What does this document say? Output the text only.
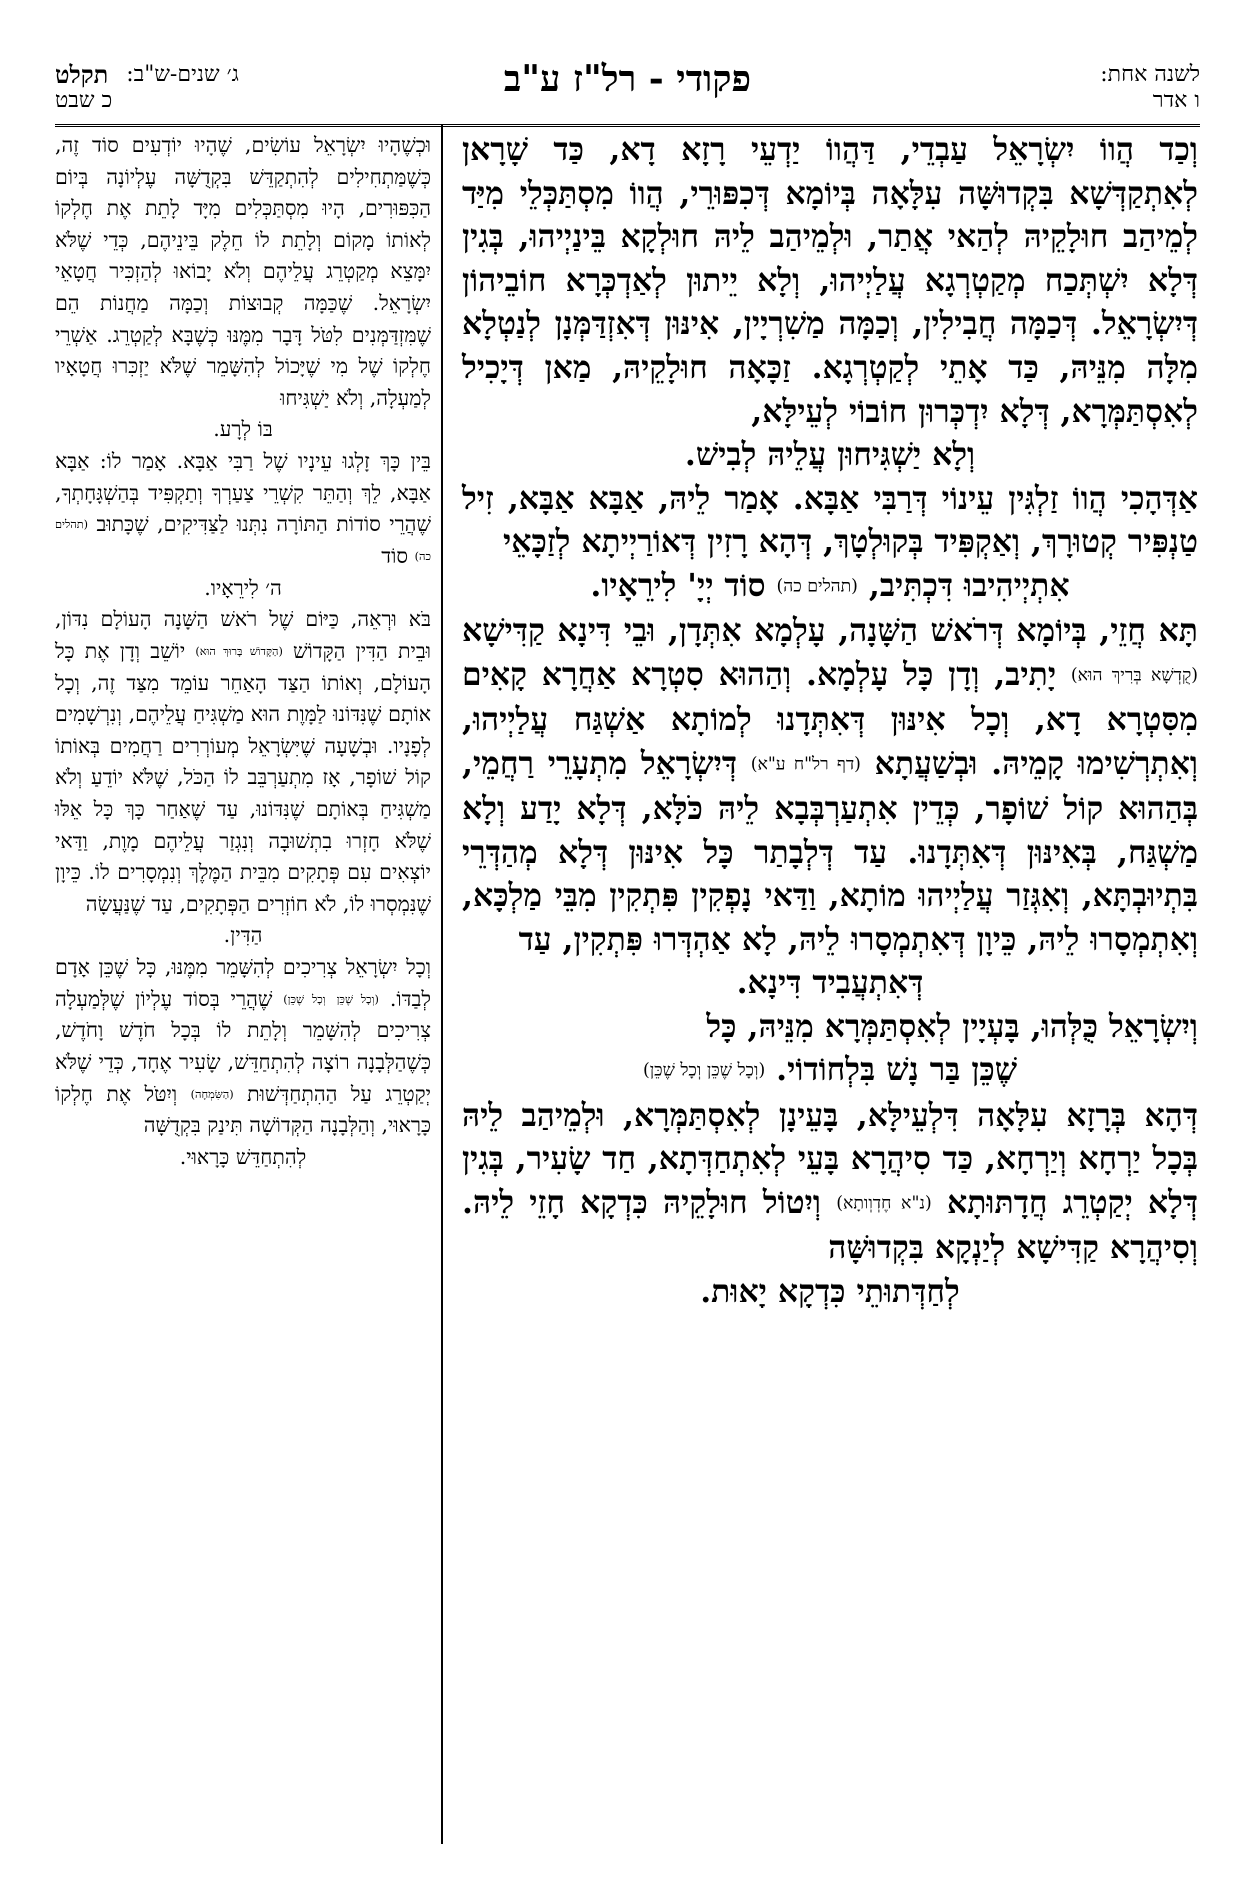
לשנה אחת:
ו אדר
פקודי - רל"ז ע"ב
ג׳ שנים-ש"ב:
תקלט
כ שבט

וְכַד הֲווֹ יִשְׂרָאֵל עַבְדֵי, דַּהֲווֹ יַדְעֵי רָזָא דָא, כַּד שָׁרָאן לְאִתְקַדְּשָׁא בִּקְדוּשָּׁה עִלָּאָה בְּיוֹמָא דְּכִפּוּרֵי, הֲווֹ מִסְתַּכְּלֵי מִיַּד לְמֵיהַב חוּלָקֵיהּ לְהַאי אֲתַר, וּלְמֵיהַב לֵיהּ חוּלְקָא בֵּינַיְיהוּ, בְּגִין דְּלָא יִשְׁתְּכַח מְקַטְרְגָא עֲלַיְיהוּ, וְלָא יֵיתוּן לְאַדְכְּרָא חוֹבֵיהוֹן דְּיִשְׂרָאֵל. דְּכַמָּה חֲבִילִין, וְכַמָּה מַשִׁרְיָין, אִינּוּן דְּאִזְדַּמְּנָן לְנַטְלָא מִלָּה מִנֵּיהּ, כַּד אָתֵי לְקַטְרְגָא. זַכָּאָה חוּלָקֵיהּ, מַאן דְּיָכִיל לְאִסְתַּמְּרָא, דְּלָא יִדְכְּרוּן חוֹבוֹי לְעֵילָּא,

וְלָא יַשְׁגִּיחוּן עֲלֵיהּ לְבִישׁ.

אַדְּהָכִי הֲווֹ זַלְגִּין עֵינוֹי דְּרַבִּי אַבָּא. אָמַר לֵיהּ, אַבָּא אַבָּא, זִיל טַנְפִּיר קְטוּרָךְ, וְאַקְפִּיד בְּקוּלְטָךְ, דְּהָא רָזִין דְּאוֹרַיְיתָא לְזַכָּאֵי

אִתְיְיהִיבוּ דִּכְתִּיב, (תהלים כה) סוֹד יְיָ' לִירֵאָיו.

תָּא חֲזֵי, בְּיוֹמָא דְּרֹאשׁ הַשָּׁנָה, עָלְמָא אִתְּדָן, וּבֵי דִּינָא קַדִּישָׁא (קֻדְשָׁא בְּרִיךְ הוּא) יָתִיב, וְדָן כָּל עָלְמָא. וְהַהוּא סִטְרָא אַחֲרָא קָאִים מִסִּטְרָא דָא, וְכָל אִינּוּן דְּאִתְּדָנוּ לְמוֹתָא אַשְׁגַּח עֲלַיְיהוּ, וְאִתְרְשִׁימוּ קָמֵיהּ. וּבְשַׁעֲתָא (דף רל"ח ע"א) דְּיִשְׂרָאֵל מִתְעָרֵי רַחֲמֵי, בְּהַהוּא קוֹל שׁוֹפָר, כְּדֵין אִתְעַרְבְּבָא לֵיהּ כֹּלָּא, דְּלָא יָדַע וְלָא מַשְׁגַּח, בְּאִינּוּן דְּאִתְּדָנוּ. עַד דְּלְבָתַר כָּל אִינּוּן דְּלָא מְהַדְּרֵי בִּתְיוּבְתָּא, וְאִגְּזַר עֲלַיְיהוּ מוֹתָא, וַדַּאי נָפְקִין פִּתְקִין מִבֵּי מַלְכָּא, וְאִתְמְסָרוּ לֵיהּ, כֵּיוָן דְּאִתְמְסָרוּ לֵיהּ, לָא אַהְדְּרוּ פִּתְקִין, עַד

דְּאִתְעֲבִיד דִּינָא.

וְיִשְׂרָאֵל כֻּלְּהוּ, בָּעְיָין לְאִסְתַּמְּרָא מִנֵּיהּ, כָּל

שֶׁכֵּן בַּר נָשׁ בִּלְחוֹדוֹי. (וְכָל שֶׁכֵּן וְכָל שֶׁכֵּן)

דְּהָא בְּרָזָא עִלָּאָה דִּלְעֵילָּא, בָּעֵינָן לְאִסְתַּמְּרָא, וּלְמֵיהַב לֵיהּ בְּכָל יַרְחָא וְיַרְחָא, כַּד סִיהֲרָא בָּעֵי לְאִתְחַדְּתָא, חַד שָׂעִיר, בְּגִין דְּלָא יְקַטְרֵג חֲדָתּוּתָא (נ"א חֶדְוְותָא) וְיִטוֹל חוּלָקֵיהּ כִּדְקָא חָזֵי לֵיהּ. וְסִיהֲרָא קַדִּישָׁא לְיַנְקָא בִּקְדוּשָּׁה

לְחַדְּתוּתֵי כִּדְקָא יָאוּת.

וּכְשֶׁהָיוּ יִשְׂרָאֵל עוֹשִׂים, שֶׁהָיוּ יוֹדְעִים סוֹד זֶה, כְּשֶׁמַּתְחִילִים לְהִתְקַדֵּשׁ בִּקְדֻשָּׁה עֶלְיוֹנָה בְּיוֹם הַכִּפּוּרִים, הָיוּ מִסְתַּכְּלִים מִיָּד לָתֵת אֶת חֶלְקוֹ לְאוֹתוֹ מָקוֹם וְלָתֵת לוֹ חֵלֶק בֵּינֵיהֶם, כְּדֵי שֶׁלֹּא יִמָּצֵא מְקַטְרֵג עֲלֵיהֶם וְלֹא יָבוֹאוּ לְהַזְכִּיר חֲטָאֵי יִשְׂרָאֵל. שֶׁכַּמָּה קְבוּצוֹת וְכַמָּה מַחֲנוֹת הֵם שֶׁמִּזְדַּמְּנִים לִטֹּל דָּבָר מִמֶּנּוּ כְּשֶׁבָּא לְקַטְרֵג. אַשְׁרֵי חֶלְקוֹ שֶׁל מִי שֶׁיָּכוֹל לְהִשָּׁמֵר שֶׁלֹּא יַזְכִּרוּ חֲטָאָיו לְמַעְלָה, וְלֹא יַשְׁגִּיחוּ

בּוֹ לְרָע.

בֵּין כָּךְ זָלְגוּ עֵינָיו שֶׁל רַבִּי אַבָּא. אָמַר לוֹ: אַבָּא אַבָּא, לֵךְ וְהַתֵּר קִשְׁרֵי צַעַרְךָ וְתַקְפִּיד בְּהַשְׁגָּחָתְךָ, שֶׁהֲרֵי סוֹדוֹת הַתּוֹרָה נִתְּנוּ לַצַּדִּיקִים, שֶׁכָּתוּב (תהלים כה) סוֹד

ה׳ לִירֵאָיו.

בֹּא וּרְאֵה, כַּיּוֹם שֶׁל רֹאשׁ הַשָּׁנָה הָעוֹלָם נִדּוֹן, וּבֵית הַדִּין הַקָּדוֹשׁ (הַקָּדוֹשׁ בָּרוּךְ הוּא) יוֹשֵׁב וְדָן אֶת כָּל הָעוֹלָם, וְאוֹתוֹ הַצַּד הָאַחֵר עוֹמֵד מִצַּד זֶה, וְכָל אוֹתָם שֶׁנִּדּוֹנוּ לַמָּוֶת הוּא מַשְׁגִּיחַ עֲלֵיהֶם, וְנִרְשָׁמִים לְפָנָיו. וּבְשָׁעָה שֶׁיִּשְׂרָאֵל מְעוֹרְרִים רַחֲמִים בְּאוֹתוֹ קוֹל שׁוֹפָר, אָז מִתְעַרְבֵּב לוֹ הַכֹּל, שֶׁלֹּא יוֹדֵעַ וְלֹא מַשְׁגִּיחַ בְּאוֹתָם שֶׁנִּדּוֹנוּ, עַד שֶׁאַחַר כָּךְ כָּל אֵלּוּ שֶׁלֹּא חָזְרוּ בִתְשׁוּבָה וְנִגְזַר עֲלֵיהֶם מָוֶת, וַדַּאי יוֹצְאִים עִם פְּתָקִים מִבֵּית הַמֶּלֶךְ וְנִמְסָרִים לוֹ. כֵּיוָן שֶׁנִּמְסְרוּ לוֹ, לֹא חוֹזְרִים הַפְּתָקִים, עַד שֶׁנַּעֲשָׂה

הַדִּין.

וְכָל יִשְׂרָאֵל צְרִיכִים לְהִשָּׁמֵר מִמֶּנּוּ, כָּל שֶׁכֵּן אָדָם לְבַדּוֹ. (וְכָל שֶׁכֵּן וְכָל שֶׁכֵּן) שֶׁהֲרֵי בְּסוֹד עֶלְיוֹן שֶׁלְּמַעְלָה צְרִיכִים לְהִשָּׁמֵר וְלָתֵת לוֹ בְּכָל חֹדֶשׁ וָחֹדֶשׁ, כְּשֶׁהַלְּבָנָה רוֹצָה לְהִתְחַדֵּשׁ, שָׂעִיר אֶחָד, כְּדֵי שֶׁלֹּא יְקַטְרֵג עַל הַהִתְחַדְּשׁוּת (הַשִּׂמְחָה) וְיִטֹּל אֶת חֶלְקוֹ כָּרָאוּי, וְהַלְּבָנָה הַקְּדוֹשָׁה תִּינַק בִּקְדֻשָּׁה

לְהִתְחַדֵּשׁ כָּרָאוּי.
